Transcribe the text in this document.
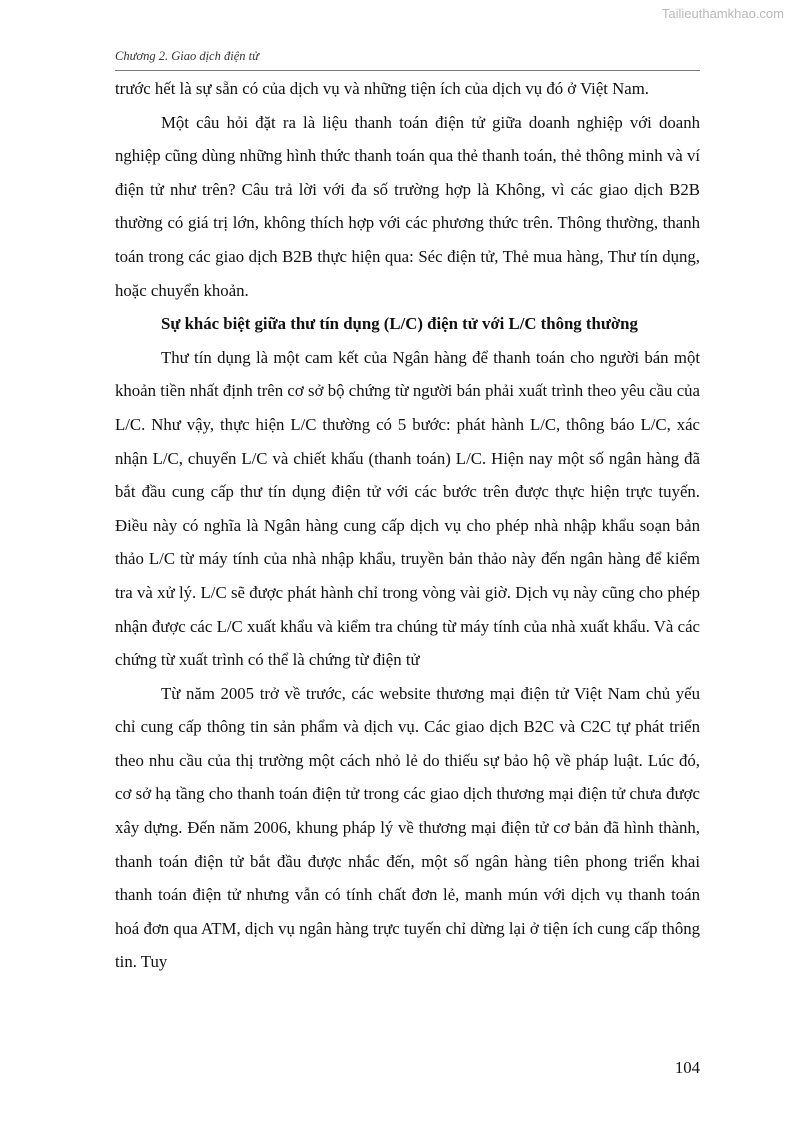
Tailieuthamkhao.com
Chương 2. Giao dịch điện tử

trước hết là sự sẵn có của dịch vụ và những tiện ích của dịch vụ đó ở Việt Nam.

Một câu hỏi đặt ra là liệu thanh toán điện tử giữa doanh nghiệp với doanh nghiệp cũng dùng những hình thức thanh toán qua thẻ thanh toán, thẻ thông minh và ví điện tử như trên? Câu trả lời với đa số trường hợp là Không, vì các giao dịch B2B thường có giá trị lớn, không thích hợp với các phương thức trên. Thông thường, thanh toán trong các giao dịch B2B thực hiện qua: Séc điện tử, Thẻ mua hàng, Thư tín dụng, hoặc chuyển khoản.

Sự khác biệt giữa thư tín dụng (L/C) điện tử với L/C thông thường

Thư tín dụng là một cam kết của Ngân hàng để thanh toán cho người bán một khoản tiền nhất định trên cơ sở bộ chứng từ người bán phải xuất trình theo yêu cầu của L/C. Như vậy, thực hiện L/C thường có 5 bước: phát hành L/C, thông báo L/C, xác nhận L/C, chuyển L/C và chiết khấu (thanh toán) L/C. Hiện nay một số ngân hàng đã bắt đầu cung cấp thư tín dụng điện tử với các bước trên được thực hiện trực tuyến. Điều này có nghĩa là Ngân hàng cung cấp dịch vụ cho phép nhà nhập khẩu soạn bản thảo L/C từ máy tính của nhà nhập khẩu, truyền bản thảo này đến ngân hàng để kiểm tra và xử lý. L/C sẽ được phát hành chỉ trong vòng vài giờ. Dịch vụ này cũng cho phép nhận được các L/C xuất khẩu và kiểm tra chúng từ máy tính của nhà xuất khẩu. Và các chứng từ xuất trình có thể là chứng từ điện tử

Từ năm 2005 trở về trước, các website thương mại điện tử Việt Nam chủ yếu chỉ cung cấp thông tin sản phẩm và dịch vụ. Các giao dịch B2C và C2C tự phát triển theo nhu cầu của thị trường một cách nhỏ lẻ do thiếu sự bảo hộ về pháp luật. Lúc đó, cơ sở hạ tầng cho thanh toán điện tử trong các giao dịch thương mại điện tử chưa được xây dựng. Đến năm 2006, khung pháp lý về thương mại điện tử cơ bản đã hình thành, thanh toán điện tử bắt đầu được nhắc đến, một số ngân hàng tiên phong triển khai thanh toán điện tử nhưng vẫn có tính chất đơn lẻ, manh mún với dịch vụ thanh toán hoá đơn qua ATM, dịch vụ ngân hàng trực tuyến chỉ dừng lại ở tiện ích cung cấp thông tin. Tuy

104
